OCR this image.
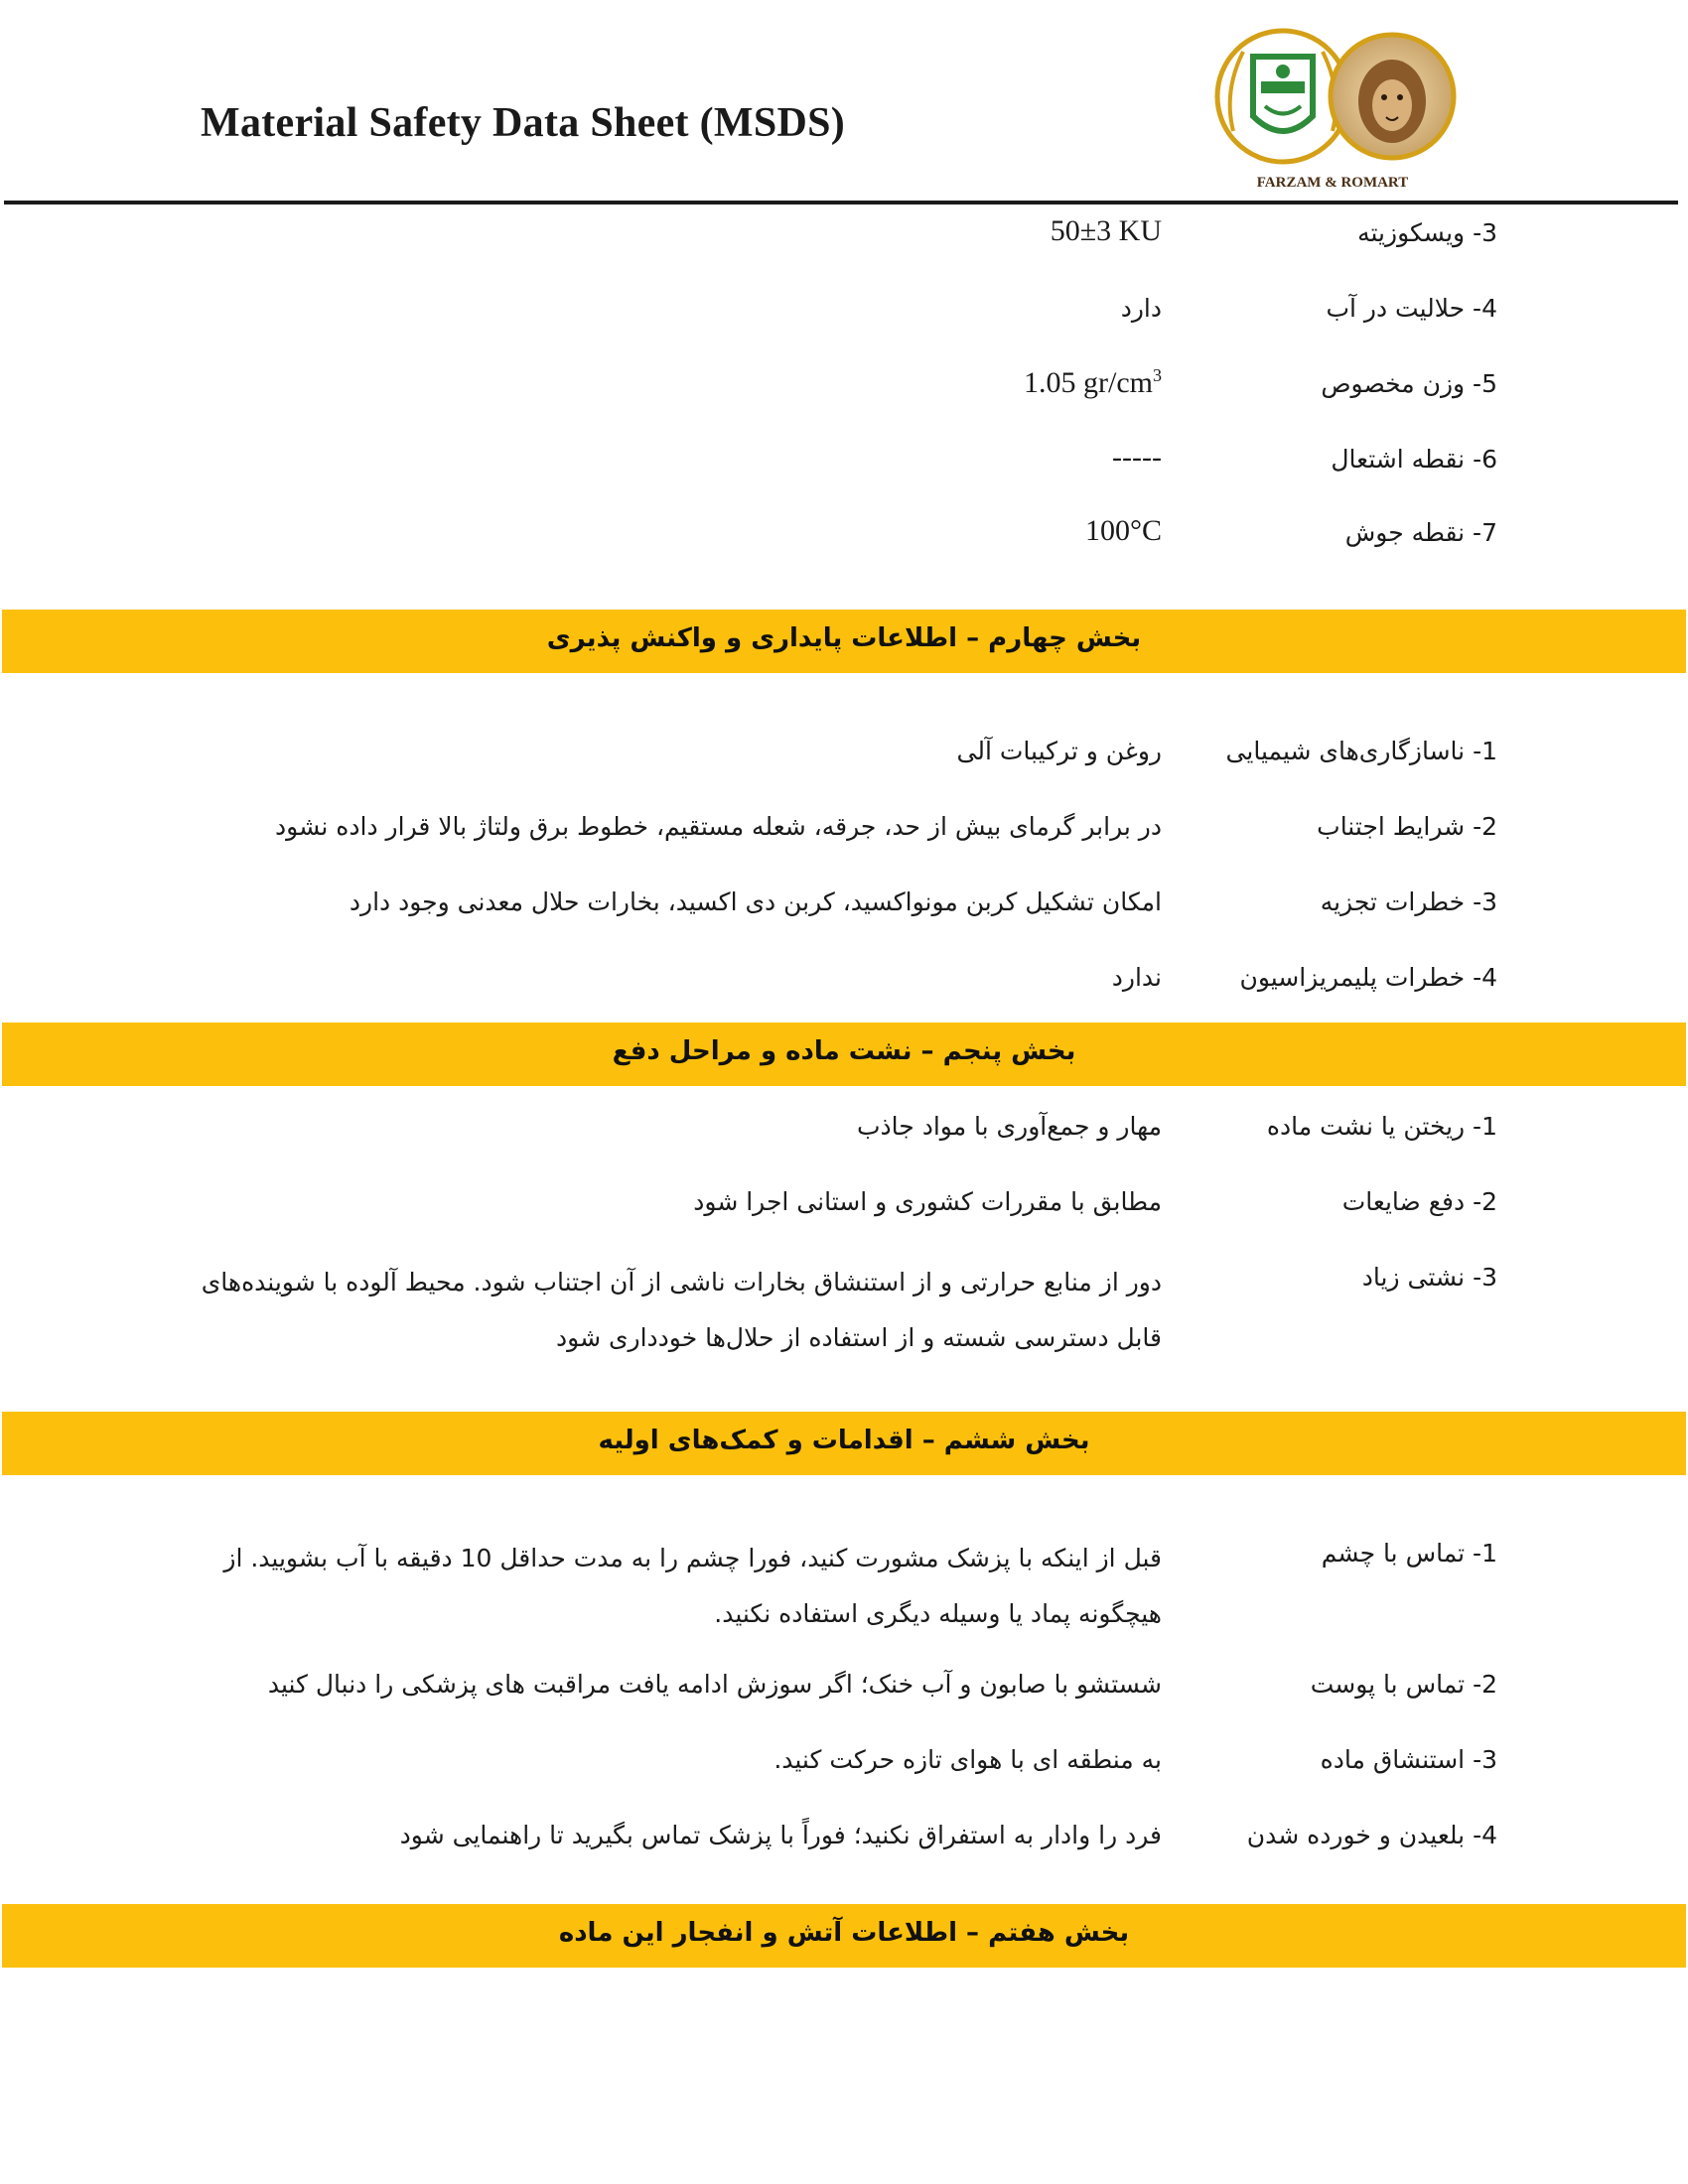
Material Safety Data Sheet (MSDS)
FARZAM & ROMART
3- ویسکوزیته
50±3 KU
4- حلالیت در آب
دارد
5- وزن مخصوص
1.05 $gr/cm^3$
6- نقطه اشتعال
-----
7- نقطه جوش
100°C
بخش چهارم – اطلاعات پایداری و واکنش پذیری
1- ناسازگاری‌های شیمیایی
روغن و ترکیبات آلی
2- شرایط اجتناب
در برابر گرمای بیش از حد، جرقه، شعله مستقیم، خطوط برق ولتاژ بالا قرار داده نشود
3- خطرات تجزیه
امکان تشکیل کربن مونواکسید، کربن دی اکسید، بخارات حلال معدنی وجود دارد
4- خطرات پلیمریزاسیون
ندارد
بخش پنجم – نشت ماده و مراحل دفع
1- ریختن یا نشت ماده
مهار و جمع‌آوری با مواد جاذب
2- دفع ضایعات
مطابق با مقررات کشوری و استانی اجرا شود
3- نشتی زیاد
دور از منابع حرارتی و از استنشاق بخارات ناشی از آن اجتناب شود. محیط آلوده با شوینده‌های قابل دسترسی شسته و از استفاده از حلال‌ها خودداری شود
بخش ششم – اقدامات و کمک‌های اولیه
1- تماس با چشم
قبل از اینکه با پزشک مشورت کنید، فورا چشم را به مدت حداقل 10 دقیقه با آب بشویید. از هیچگونه پماد یا وسیله دیگری استفاده نکنید.
2- تماس با پوست
شستشو با صابون و آب خنک؛ اگر سوزش ادامه یافت مراقبت های پزشکی را دنبال کنید
3- استنشاق ماده
به منطقه ای با هوای تازه حرکت کنید.
4- بلعیدن و خورده شدن
فرد را وادار به استفراق نکنید؛ فوراً با پزشک تماس بگیرید تا راهنمایی شود
بخش هفتم – اطلاعات آتش و انفجار این ماده
